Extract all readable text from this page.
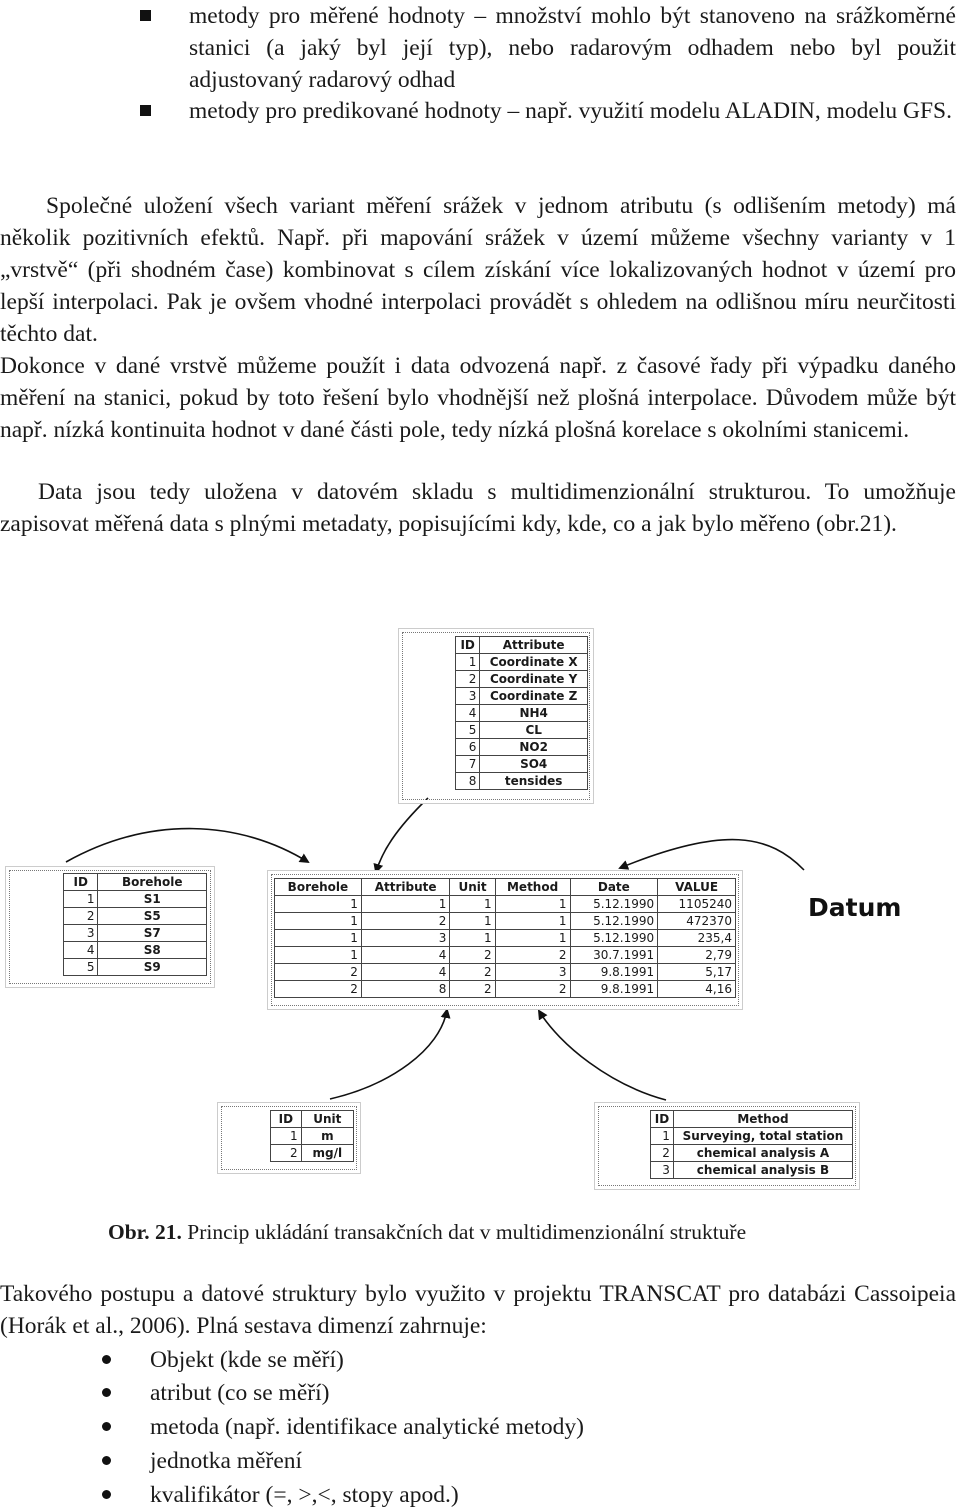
metody pro měřené hodnoty – množství mohlo být stanoveno na srážkoměrné stanici (a jaký byl její typ), nebo radarovým odhadem nebo byl použit adjustovaný radarový odhad
metody pro predikované hodnoty – např. využití modelu ALADIN, modelu GFS.

Společné uložení všech variant měření srážek v jednom atributu (s odlišením metody) má několik pozitivních efektů. Např. při mapování srážek v území můžeme všechny varianty v 1 „vrstvě“ (při shodném čase) kombinovat s cílem získání více lokalizovaných hodnot v území pro lepší interpolaci. Pak je ovšem vhodné interpolaci provádět s ohledem na odlišnou míru neurčitosti těchto dat.

Dokonce v dané vrstvě můžeme použít i data odvozená např. z časové řady při výpadku daného měření na stanici, pokud by toto řešení bylo vhodnější než plošná interpolace. Důvodem může být např. nízká kontinuita hodnot v dané části pole, tedy nízká plošná korelace s okolními stanicemi.

Data jsou tedy uložena v datovém skladu s multidimenzionální strukturou. To umožňuje zapisovat měřená data s plnými metadaty, popisujícími kdy, kde, co a jak bylo měřeno (obr.21).

ID	Attribute
1	Coordinate X
2	Coordinate Y
3	Coordinate Z
4	NH4
5	CL
6	NO2
7	SO4
8	tensides
ID	Borehole
1	S1
2	S5
3	S7
4	S8
5	S9
Borehole	Attribute	Unit	Method	Date	VALUE
1	1	1	1	5.12.1990	1105240
1	2	1	1	5.12.1990	472370
1	3	1	1	5.12.1990	235,4
1	4	2	2	30.7.1991	2,79
2	4	2	3	9.8.1991	5,17
2	8	2	2	9.8.1991	4,16
Datum
ID	Unit
1	m
2	mg/l
ID	Method
1	Surveying, total station
2	chemical analysis A
3	chemical analysis B
Obr. 21. Princip ukládání transakčních dat v multidimenzionální struktuře

Takového postupu a datové struktury bylo využito v projektu TRANSCAT pro databázi Cassoipeia (Horák et al., 2006). Plná sestava dimenzí zahrnuje:

Objekt (kde se měří)
atribut (co se měří)
metoda (např. identifikace analytické metody)
jednotka měření
kvalifikátor (=, >,<, stopy apod.)
